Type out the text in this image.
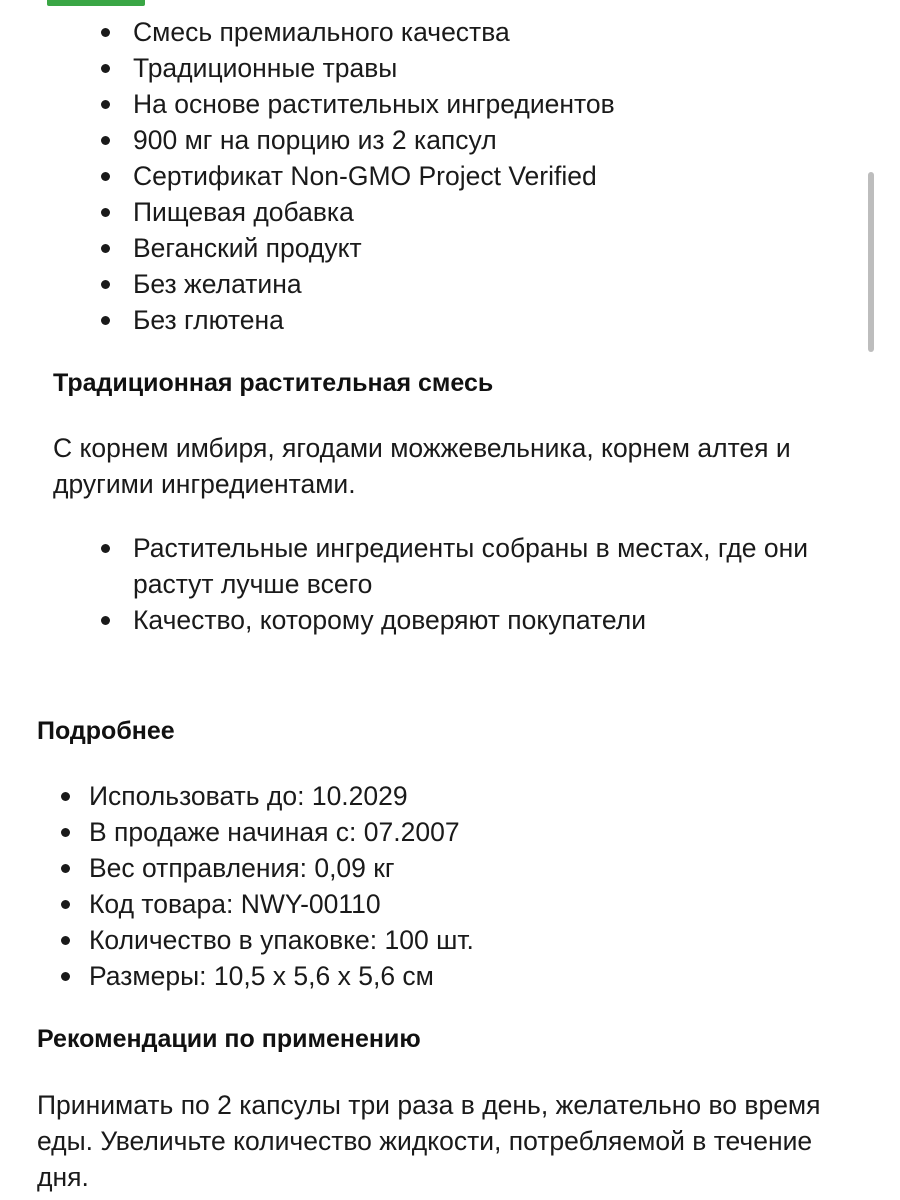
Смесь премиального качества
Традиционные травы
На основе растительных ингредиентов
900 мг на порцию из 2 капсул
Сертификат Non-GMO Project Verified
Пищевая добавка
Веганский продукт
Без желатина
Без глютена
Традиционная растительная смесь

С корнем имбиря, ягодами можжевельника, корнем алтея и другими ингредиентами.

Растительные ингредиенты собраны в местах, где они растут лучше всего
Качество, которому доверяют покупатели
Подробнее
Использовать до: 10.2029
В продаже начиная с: 07.2007
Вес отправления: 0,09 кг
Код товара: NWY-00110
Количество в упаковке: 100 шт.
Размеры: 10,5 x 5,6 x 5,6 см
Рекомендации по применению

Принимать по 2 капсулы три раза в день, желательно во время еды. Увеличьте количество жидкости, потребляемой в течение дня.
